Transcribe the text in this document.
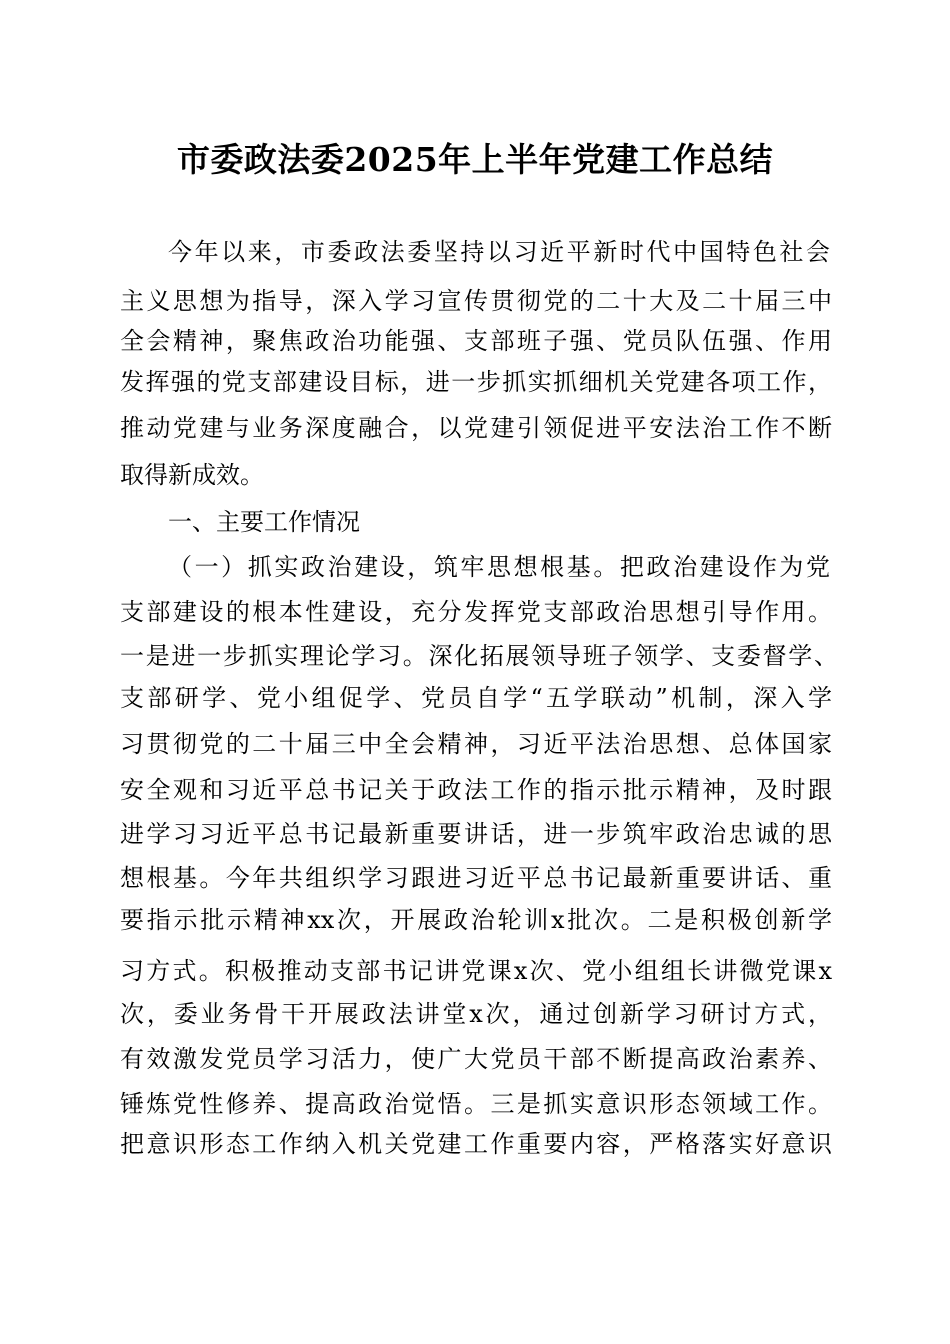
市委政法委2025年上半年党建工作总结
今年以来，市委政法委坚持以习近平新时代中国特色社会
主义思想为指导，深入学习宣传贯彻党的二十大及二十届三中
全会精神，聚焦政治功能强、支部班子强、党员队伍强、作用
发挥强的党支部建设目标，进一步抓实抓细机关党建各项工作，
推动党建与业务深度融合，以党建引领促进平安法治工作不断
取得新成效。
一、主要工作情况
（一）抓实政治建设，筑牢思想根基。把政治建设作为党
支部建设的根本性建设，充分发挥党支部政治思想引导作用。
一是进一步抓实理论学习。深化拓展领导班子领学、支委督学、
支部研学、党小组促学、党员自学“五学联动”机制，深入学
习贯彻党的二十届三中全会精神，习近平法治思想、总体国家
安全观和习近平总书记关于政法工作的指示批示精神，及时跟
进学习习近平总书记最新重要讲话，进一步筑牢政治忠诚的思
想根基。今年共组织学习跟进习近平总书记最新重要讲话、重
要指示批示精神xx次，开展政治轮训x批次。二是积极创新学
习方式。积极推动支部书记讲党课x次、党小组组长讲微党课x
次，委业务骨干开展政法讲堂x次，通过创新学习研讨方式，
有效激发党员学习活力，使广大党员干部不断提高政治素养、
锤炼党性修养、提高政治觉悟。三是抓实意识形态领域工作。
把意识形态工作纳入机关党建工作重要内容，严格落实好意识
